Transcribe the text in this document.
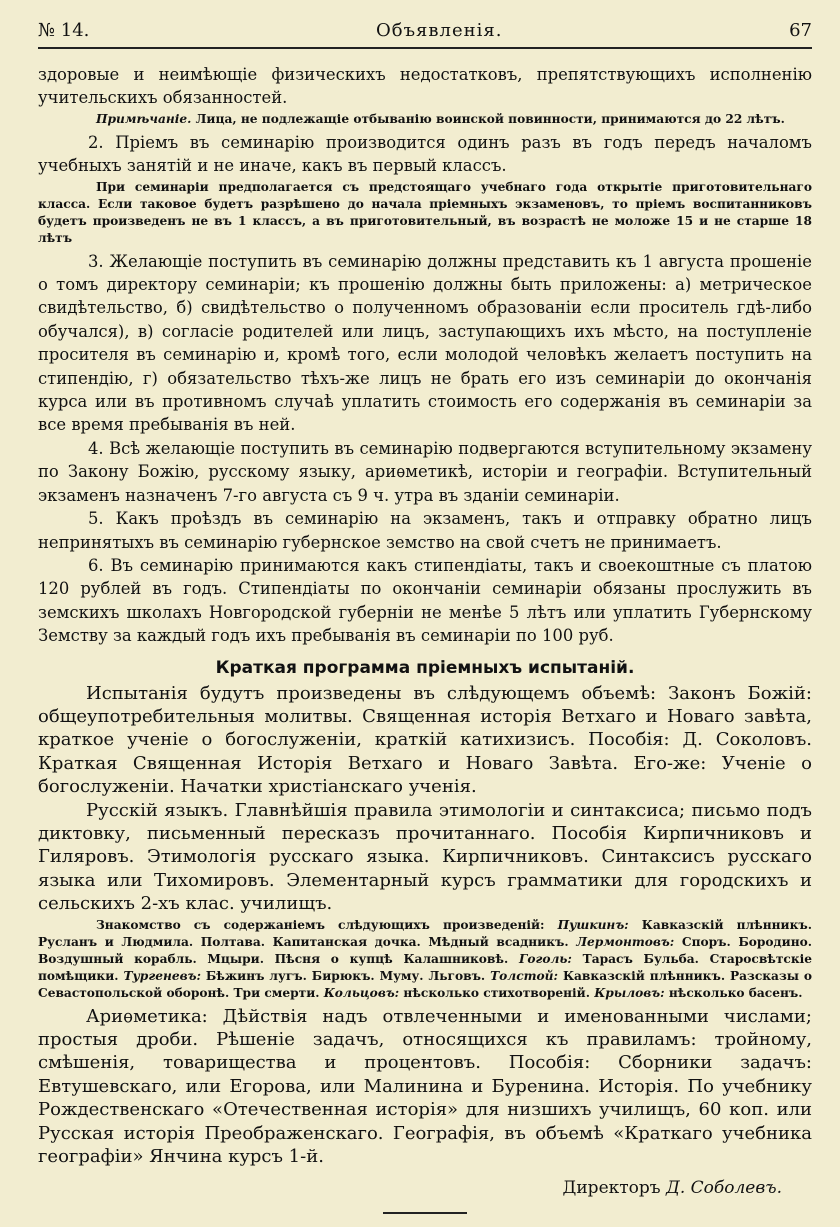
№ 14.	Объявленія.	67

здоровые и неимѣющіе физическихъ недостатковъ, препятствующихъ исполненію учительскихъ обязанностей.

Примѣчаніе. Лица, не подлежащіе отбыванію воинской повинности, принимаются до 22 лѣтъ.

2. Пріемъ въ семинарію производится одинъ разъ въ годъ передъ началомъ учебныхъ занятій и не иначе, какъ въ первый классъ.

При семинаріи предполагается съ предстоящаго учебнаго года открытіе приготовительнаго класса. Если таковое будетъ разрѣшено до начала пріемныхъ экзаменовъ, то пріемъ воспитанниковъ будетъ произведенъ не въ 1 классъ, а въ приготовительный, въ возрастѣ не моложе 15 и не старше 18 лѣтъ

3. Желающіе поступить въ семинарію должны представить къ 1 августа прошеніе о томъ директору семинаріи; къ прошенію должны быть приложены: а) метрическое свидѣтельство, б) свидѣтельство о полученномъ образованіи если проситель гдѣ-либо обучался), в) согласіе родителей или лицъ, заступающихъ ихъ мѣсто, на поступленіе просителя въ семинарію и, кромѣ того, если молодой человѣкъ желаетъ поступить на стипендію, г) обязательство тѣхъ-же лицъ не брать его изъ семинаріи до окончанія курса или въ противномъ случаѣ уплатить стоимость его содержанія въ семинаріи за все время пребыванія въ ней.

4. Всѣ желающіе поступить въ семинарію подвергаются вступительному экзамену по Закону Божію, русскому языку, ариѳметикѣ, исторіи и географіи. Вступительный экзаменъ назначенъ 7-го августа съ 9 ч. утра въ зданіи семинаріи.

5. Какъ проѣздъ въ семинарію на экзаменъ, такъ и отправку обратно лицъ непринятыхъ въ семинарію губернское земство на свой счетъ не принимаетъ.

6. Въ семинарію принимаются какъ стипендіаты, такъ и своекоштные съ платою 120 рублей въ годъ. Стипендіаты по окончаніи семинаріи обязаны прослужить въ земскихъ школахъ Новгородской губерніи не менѣе 5 лѣтъ или уплатить Губернскому Земству за каждый годъ ихъ пребыванія въ семинаріи по 100 руб.

Краткая программа пріемныхъ испытаній.

Испытанія будутъ произведены въ слѣдующемъ объемѣ: Законъ Божій: общеупотребительныя молитвы. Священная исторія Ветхаго и Новаго завѣта, краткое ученіе о богослуженіи, краткій катихизисъ. Пособія: Д. Соколовъ. Краткая Священная Исторія Ветхаго и Новаго Завѣта. Его-же: Ученіе о богослуженіи. Начатки христіанскаго ученія.

Русскій языкъ. Главнѣйшія правила этимологіи и синтаксиса; письмо подъ диктовку, письменный пересказъ прочитаннаго. Пособія Кирпичниковъ и Гиляровъ. Этимологія русскаго языка. Кирпичниковъ. Синтаксисъ русскаго языка или Тихомировъ. Элементарный курсъ грамматики для городскихъ и сельскихъ 2-хъ клас. училищъ.

Знакомство съ содержаніемъ слѣдующихъ произведеній: Пушкинъ: Кавказскій плѣнникъ. Русланъ и Людмила. Полтава. Капитанская дочка. Мѣдный всадникъ. Лермонтовъ: Споръ. Бородино. Воздушный корабль. Мцыри. Пѣсня о купцѣ Калашниковѣ. Гоголь: Тарасъ Бульба. Старосвѣтскіе помѣщики. Тургеневъ: Бѣжинъ лугъ. Бирюкъ. Муму. Льговъ. Толстой: Кавказскій плѣнникъ. Разсказы о Севастопольской оборонѣ. Три смерти. Кольцовъ: нѣсколько стихотвореній. Крыловъ: нѣсколько басенъ.

Ариѳметика: Дѣйствія надъ отвлеченными и именованными числами; простыя дроби. Рѣшеніе задачъ, относящихся къ правиламъ: тройному, смѣшенія, товарищества и процентовъ. Пособія: Сборники задачъ: Евтушевскаго, или Егорова, или Малинина и Буренина. Исторія. По учебнику Рождественскаго «Отечественная исторія» для низшихъ училищъ, 60 коп. или Русская исторія Преображенскаго. Географія, въ объемѣ «Краткаго учебника географіи» Янчина курсъ 1-й.

Директоръ Д. Соболевъ.
